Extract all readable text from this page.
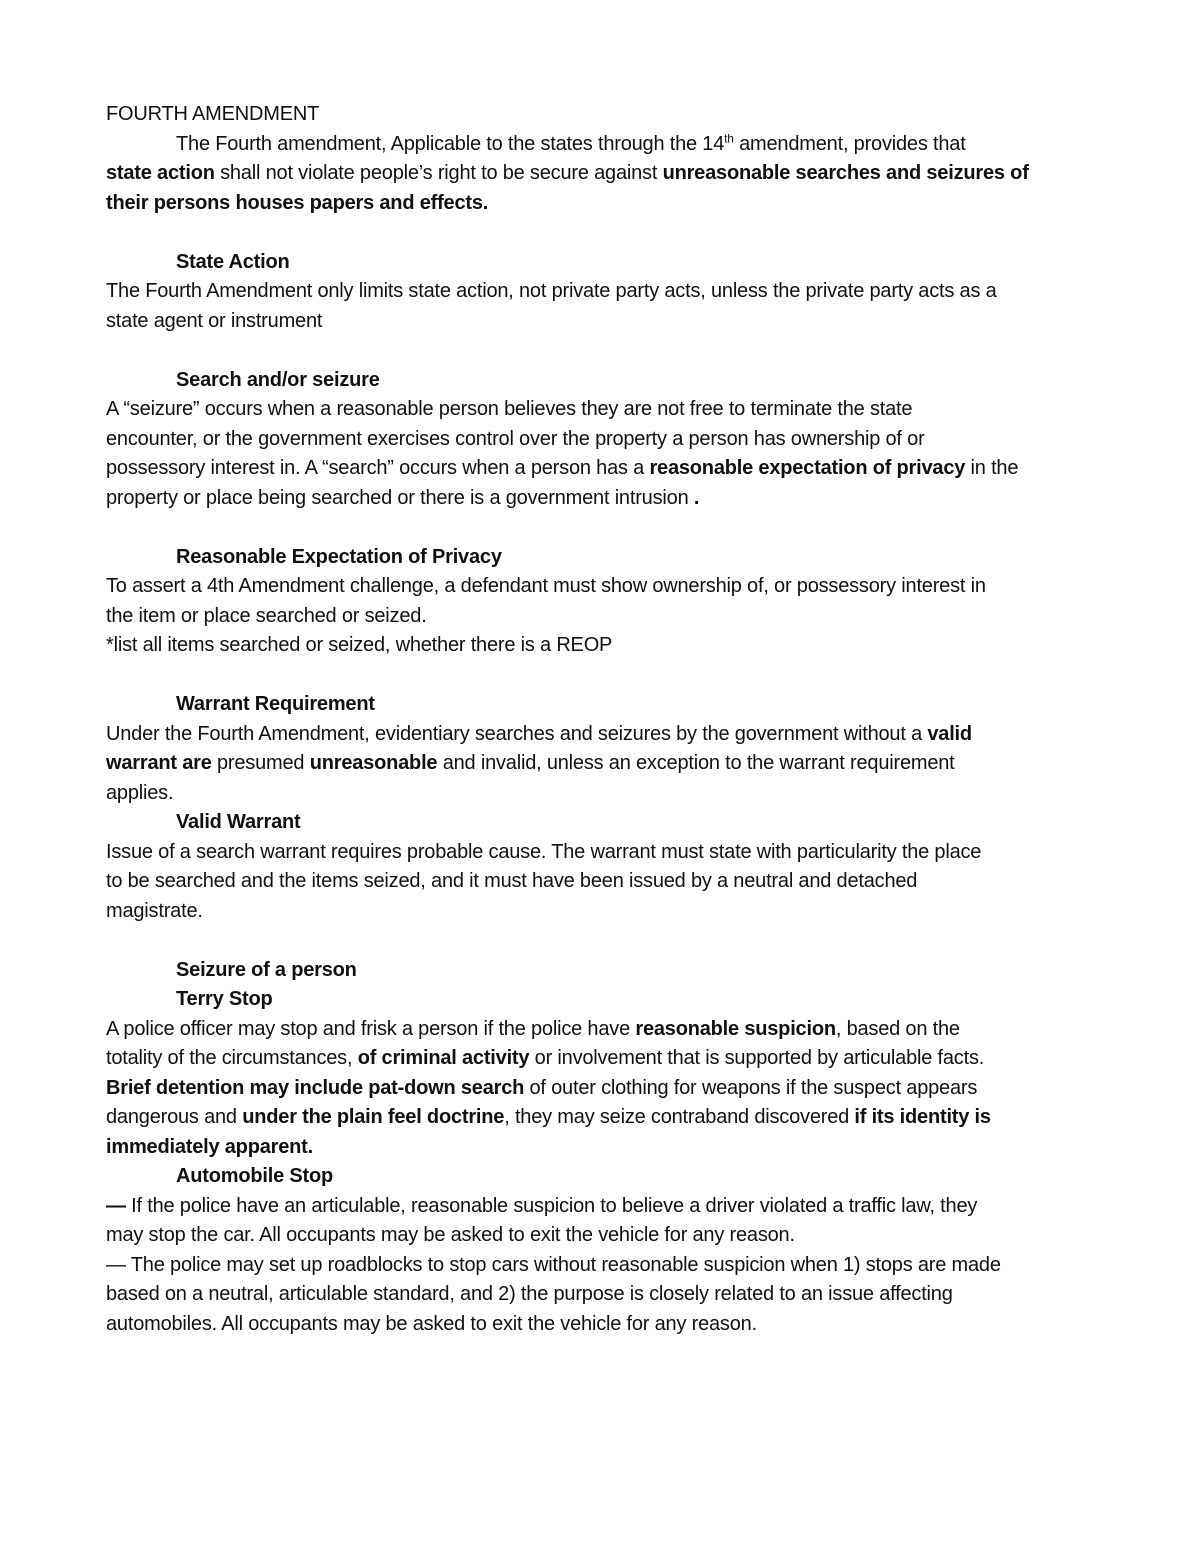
FOURTH AMENDMENT
The Fourth amendment, Applicable to the states through the 14th amendment, provides that
state action shall not violate people’s right to be secure against unreasonable searches and seizures of
their persons houses papers and effects.
State Action
The Fourth Amendment only limits state action, not private party acts, unless the private party acts as a
state agent or instrument
Search and/or seizure
A “seizure” occurs when a reasonable person believes they are not free to terminate the state
encounter, or the government exercises control over the property a person has ownership of or
possessory interest in. A “search” occurs when a person has a reasonable expectation of privacy in the
property or place being searched or there is a government intrusion .
Reasonable Expectation of Privacy
To assert a 4th Amendment challenge, a defendant must show ownership of, or possessory interest in
the item or place searched or seized.
*list all items searched or seized, whether there is a REOP
Warrant Requirement
Under the Fourth Amendment, evidentiary searches and seizures by the government without a valid
warrant are presumed unreasonable and invalid, unless an exception to the warrant requirement
applies.
Valid Warrant
Issue of a search warrant requires probable cause. The warrant must state with particularity the place
to be searched and the items seized, and it must have been issued by a neutral and detached
magistrate.
Seizure of a person
Terry Stop
A police officer may stop and frisk a person if the police have reasonable suspicion, based on the
totality of the circumstances, of criminal activity or involvement that is supported by articulable facts.
Brief detention may include pat-down search of outer clothing for weapons if the suspect appears
dangerous and under the plain feel doctrine, they may seize contraband discovered if its identity is
immediately apparent.
Automobile Stop
— If the police have an articulable, reasonable suspicion to believe a driver violated a traffic law, they
may stop the car. All occupants may be asked to exit the vehicle for any reason.
— The police may set up roadblocks to stop cars without reasonable suspicion when 1) stops are made
based on a neutral, articulable standard, and 2) the purpose is closely related to an issue affecting
automobiles. All occupants may be asked to exit the vehicle for any reason.
